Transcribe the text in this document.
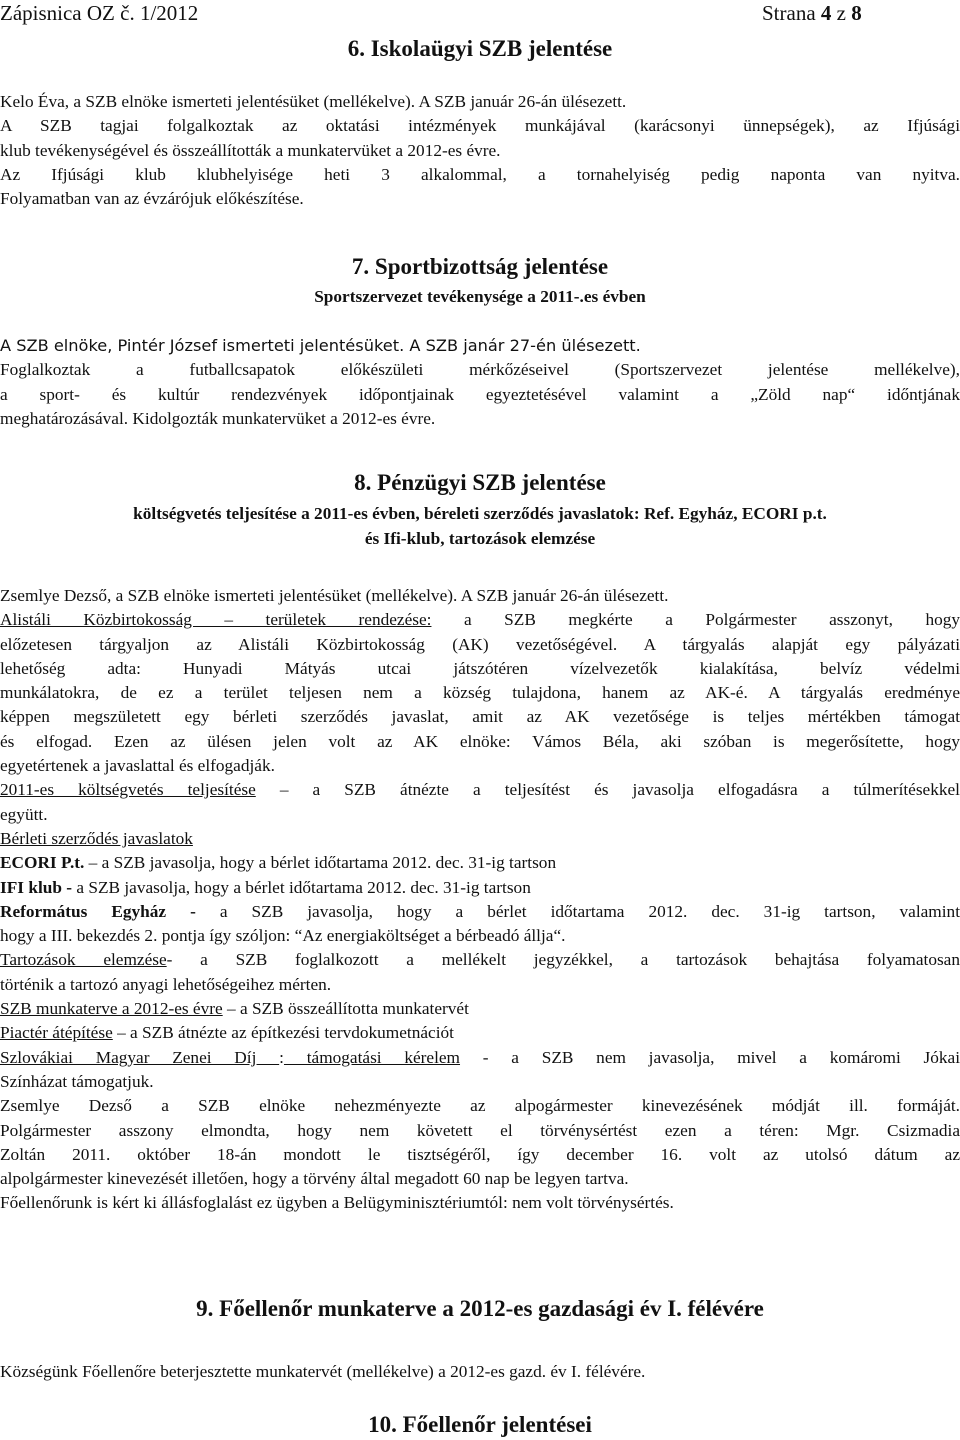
Zápisnica OZ č. 1/2012	Strana 4 z 8
6. Iskolaügyi SZB jelentése
Kelo Éva, a SZB elnöke ismerteti jelentésüket (mellékelve). A SZB január 26-án ülésezett.
A SZB tagjai folgalkoztak az oktatási intézmények munkájával (karácsonyi ünnepségek), az Ifjúsági
klub tevékenységével és összeállították a munkatervüket a 2012-es évre.
Az Ifjúsági klub klubhelyisége heti 3 alkalommal, a tornahelyiség pedig naponta van nyitva.
Folyamatban van az évzárójuk előkészítése.
7. Sportbizottság jelentése
Sportszervezet tevékenysége a 2011-.es évben
A SZB elnöke, Pintér József ismerteti jelentésüket. A SZB janár 27-én ülésezett.
Foglalkoztak a futballcsapatok előkészületi mérkőzéseivel (Sportszervezet jelentése mellékelve),
a sport- és kultúr rendezvények időpontjainak egyeztetésével valamint a „Zöld nap“ időntjának
meghatározásával. Kidolgozták munkatervüket a 2012-es évre.
8. Pénzügyi SZB jelentése
költségvetés teljesítése a 2011-es évben, béreleti szerződés javaslatok: Ref. Egyház, ECORI p.t.
és Ifi-klub, tartozások elemzése
Zsemlye Dezső, a SZB elnöke ismerteti jelentésüket (mellékelve). A SZB január 26-án ülésezett.
Alistáli Közbirtokosság – területek rendezése: a SZB megkérte a Polgármester asszonyt, hogy
előzetesen tárgyaljon az Alistáli Közbirtokosság (AK) vezetőségével. A tárgyalás alapját egy pályázati
lehetőség adta: Hunyadi Mátyás utcai játszótéren vízelvezetők kialakítása, belvíz védelmi
munkálatokra, de ez a terület teljesen nem a község tulajdona, hanem az AK-é. A tárgyalás eredménye
képpen megszületett egy bérleti szerződés javaslat, amit az AK vezetősége is teljes mértékben támogat
és elfogad. Ezen az ülésen jelen volt az AK elnöke: Vámos Béla, aki szóban is megerősítette, hogy
egyetértenek a javaslattal és elfogadják.
2011-es költségvetés teljesítése – a SZB átnézte a teljesítést és javasolja elfogadásra a túlmerítésekkel
együtt.
Bérleti szerződés javaslatok
ECORI P.t. – a SZB javasolja, hogy a bérlet időtartama 2012. dec. 31-ig tartson
IFI klub - a SZB javasolja, hogy a bérlet időtartama 2012. dec. 31-ig tartson
Református Egyház - a SZB javasolja, hogy a bérlet időtartama 2012. dec. 31-ig tartson, valamint
hogy a III. bekezdés 2. pontja így szóljon: “Az energiaköltséget a bérbeadó állja“.
Tartozások elemzése- a SZB foglalkozott a mellékelt jegyzékkel, a tartozások behajtása folyamatosan
történik a tartozó anyagi lehetőségeihez mérten.
SZB munkaterve a 2012-es évre – a SZB összeállította munkatervét
Piactér átépítése – a SZB átnézte az építkezési tervdokumetnációt
Szlovákiai Magyar Zenei Díj : támogatási kérelem - a SZB nem javasolja, mivel a komáromi Jókai
Színházat támogatjuk.
Zsemlye Dezső a SZB elnöke nehezményezte az alpogármester kinevezésének módját ill. formáját.
Polgármester asszony elmondta, hogy nem követett el törvénysértést ezen a téren: Mgr. Csizmadia
Zoltán 2011. október 18-án mondott le tisztségéről, így december 16. volt az utolsó dátum az
alpolgármester kinevezését illetően, hogy a törvény által megadott 60 nap be legyen tartva.
Főellenőrunk is kért ki állásfoglalást ez ügyben a Belügyminisztériumtól: nem volt törvénysértés.
9. Főellenőr munkaterve a 2012-es gazdasági év I. félévére
Községünk Főellenőre beterjesztette munkatervét (mellékelve) a 2012-es gazd. év I. félévére.
10. Főellenőr jelentései
